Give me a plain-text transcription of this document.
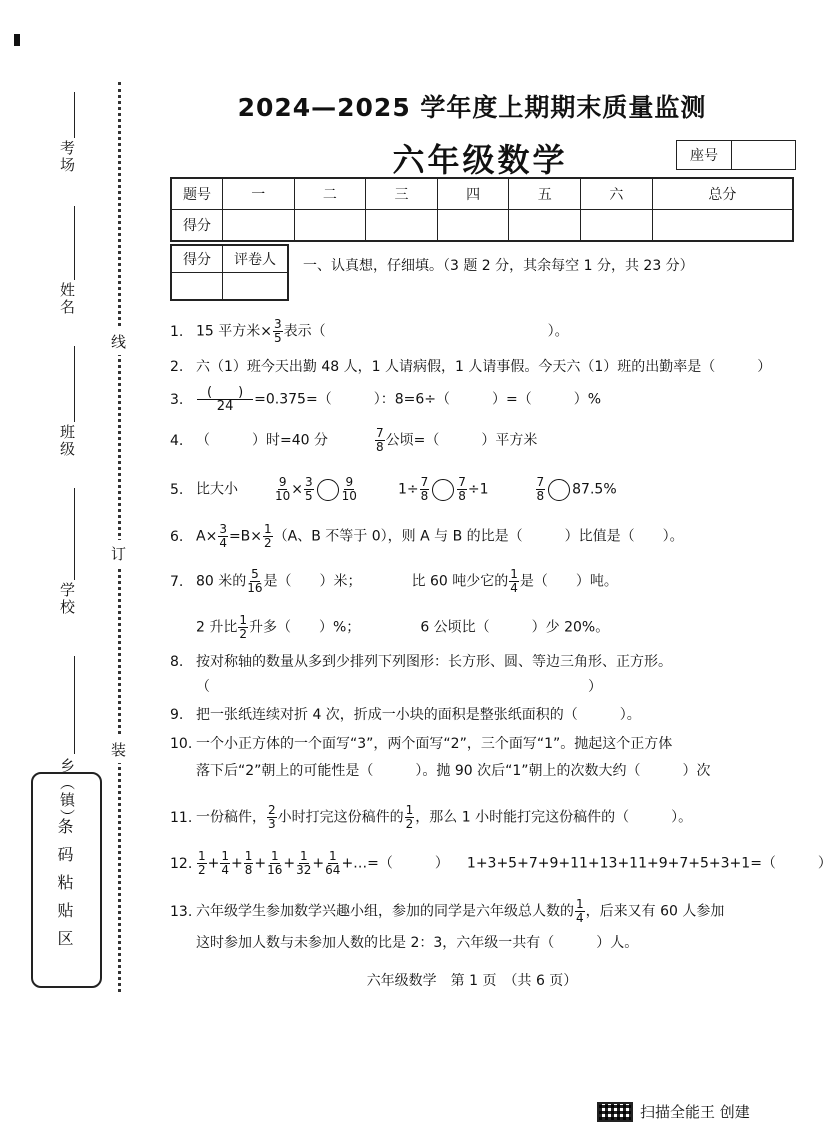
考场
姓名
班级
学校
乡（镇）
线
订
装
条码粘贴区
2024—2025 学年度上期期末质量监测
六年级数学	座号
题号	一	二	三	四	五	六	总分
得分							
得分	评卷人
	一、认真想，仔细填。（3 题 2 分，其余每空 1 分，共 23 分）
1. 15 平方米× $\frac{3}{5}$ 表示（	）。
2. 六（1）班今天出勤 48 人，1 人请病假，1 人请事假。今天六（1）班的出勤率是（　　　）
3. $\frac{( )}{24} =0.375=$（　　　）：8=6÷（　　　）=（　　　）%
4. （　　　）时=40 分	$\frac{7}{8}$ 公顷=（　　　）平方米
5. 比大小	$\frac{9}{10} \times \frac{3}{5} \frac{9}{10}$	$1\div \frac{7}{8} \frac{7}{8} \div 1$	$\frac{7}{8} 87.5\%$
6. $A\times \frac{3}{4} =B\times \frac{1}{2} (A$、B 不等于 0），则 A 与 B 的比是（　　　）比值是（　　）。
7. 80 米的 $\frac{5}{16}$ 是（　　）米；	比 60 吨少它的 $\frac{1}{4}$ 是（　　）吨。
2 升比 $\frac{1}{2}$ 升多（　　）%；	6 公顷比（　　　）少 20%。
8. 按对称轴的数量从多到少排列下列图形：长方形、圆、等边三角形、正方形。
（　　　　　　　　　　　　　　　　　　　　　　　　　　　）
9. 把一张纸连续对折 4 次，折成一小块的面积是整张纸面积的（　　　）。
10. 一个小正方体的一个面写“3”，两个面写“2”，三个面写“1”。抛起这个正方体
落下后“2”朝上的可能性是（　　　）。抛 90 次后“1”朝上的次数大约（　　　）次
11. 一份稿件， $\frac{2}{3}$ 小时打完这份稿件的 $\frac{1}{2}$ ，那么 1 小时能打完这份稿件的（　　　）。
12. $\frac{1}{2} + \frac{1}{4} + \frac{1}{8} + \frac{1}{16} + \frac{1}{32} + \frac{1}{64}$ +…=（　　　） 1+3+5+7+9+11+13+11+9+7+5+3+1=（　　　）
13. 六年级学生参加数学兴趣小组，参加的同学是六年级总人数的 $\frac{1}{4}$ ，后来又有 60 人参加
这时参加人数与未参加人数的比是 2：3，六年级一共有（　　　）人。
六年级数学　第 1 页　（共 6 页）
扫描全能王 创建
